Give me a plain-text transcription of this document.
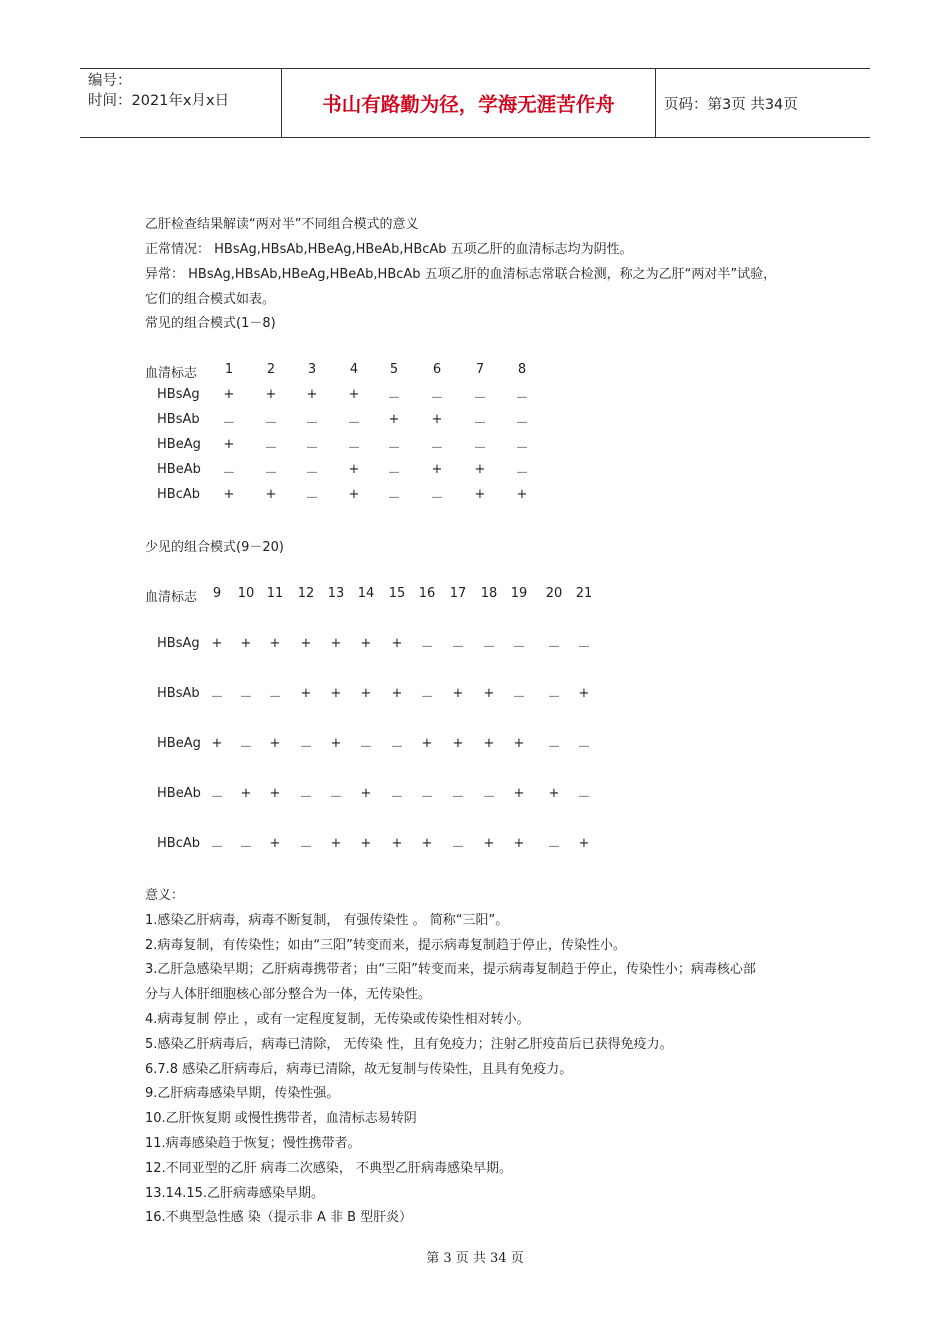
编号：
时间：2021年x月x日	书山有路勤为径，学海无涯苦作舟	页码：第3页 共34页
乙肝检查结果解读“两对半”不同组合模式的意义
正常情况： HBsAg,HBsAb,HBeAg,HBeAb,HBcAb 五项乙肝的血清标志均为阴性。
异常： HBsAg,HBsAb,HBeAg,HBeAb,HBcAb 五项乙肝的血清标志常联合检测，称之为乙肝“两对半”试验，
它们的组合模式如表。
常见的组合模式(1－8)
血清标志	1	2	3	4	5	6	7	8
HBsAg + + + + － － － －
HBsAb － － － － + + － －
HBeAg + － － － － － － －
HBeAb － － － + － + + －
HBcAb + + － + － － + +
少见的组合模式(9－20)
血清标志	9	10 11 12 13 14 15 16 17 18 19 20 21
HBsAg + + + + + + + － － － － － －
HBsAb － － － + + + + － + + － － +
HBeAg + － + － + － － + + + + － －
HBeAb － + + － － + － － － － + + －
HBcAb － － + － + + + + － + + － +
意义：
1.感染乙肝病毒，病毒不断复制， 有强传染性 。 简称“三阳”。
2.病毒复制，有传染性；如由“三阳”转变而来，提示病毒复制趋于停止，传染性小。
3.乙肝急感染早期；乙肝病毒携带者；由“三阳”转变而来，提示病毒复制趋于停止，传染性小；病毒核心部
分与人体肝细胞核心部分整合为一体，无传染性。
4.病毒复制 停止 ，或有一定程度复制，无传染或传染性相对转小。
5.感染乙肝病毒后，病毒已清除， 无传染 性，且有免疫力；注射乙肝疫苗后已获得免疫力。
6.7.8 感染乙肝病毒后，病毒已清除，故无复制与传染性，且具有免疫力。
9.乙肝病毒感染早期，传染性强。
10.乙肝恢复期 或慢性携带者，血清标志易转阴
11.病毒感染趋于恢复；慢性携带者。
12.不同亚型的乙肝 病毒二次感染， 不典型乙肝病毒感染早期。
13.14.15.乙肝病毒感染早期。
16.不典型急性感 染（提示非 A 非 B 型肝炎）
第 3 页 共 34 页
